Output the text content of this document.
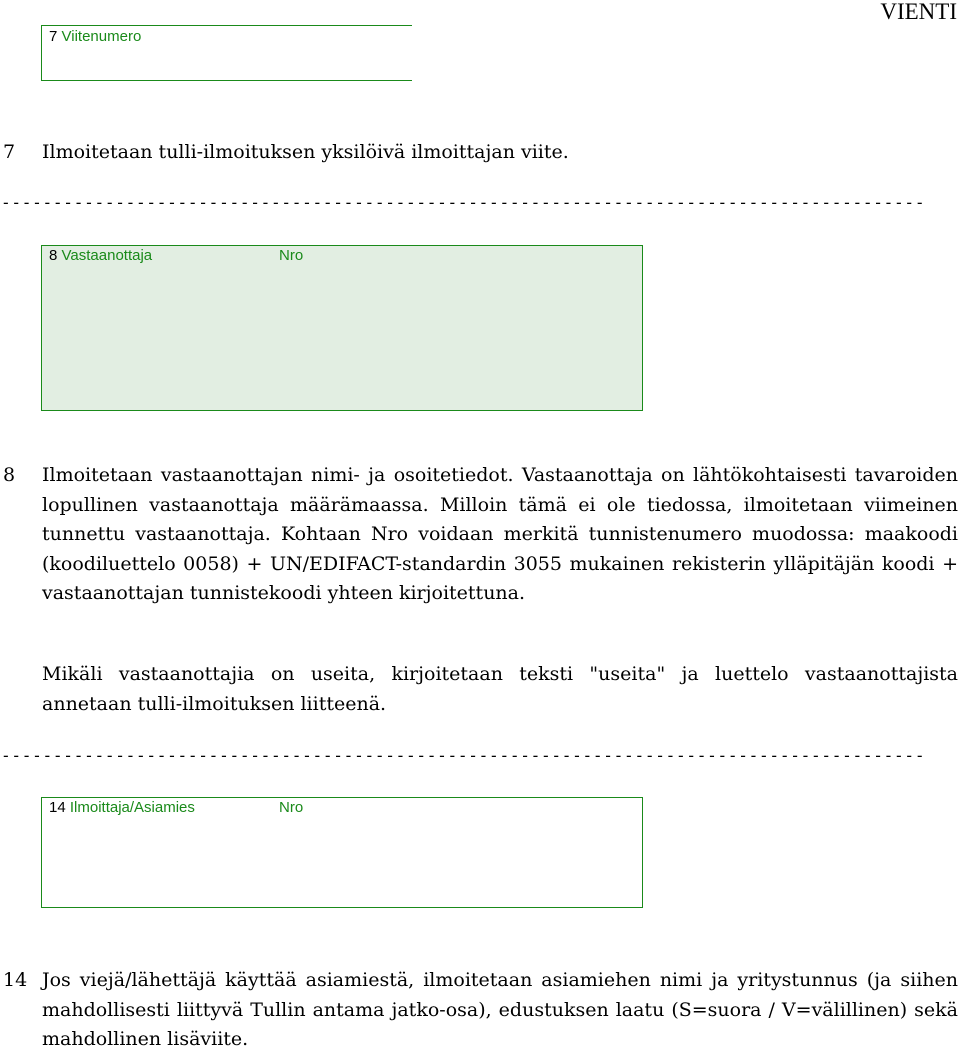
VIENTI
7 Viitenumero
7 Ilmoitetaan tulli-ilmoituksen yksilöivä ilmoittajan viite.
- - - - - - - - - - - - - - - - - - - - - - - - - - - - - - - - - - - - - - - - - - - - - - - - - - - - - - - - - - - - - - - - - - - - - - - - - - - - - - - - - - - - - - - - -
8 Vastaanottaja	Nro
8 Ilmoitetaan vastaanottajan nimi- ja osoitetiedot. Vastaanottaja on lähtökohtaisesti tavaroiden lopullinen vastaanottaja määrämaassa. Milloin tämä ei ole tiedossa, ilmoitetaan viimeinen tunnettu vastaanottaja. Kohtaan Nro voidaan merkitä tunnistenumero muodossa: maakoodi (koodiluettelo 0058) + UN/EDIFACT-standardin 3055 mukainen rekisterin ylläpitäjän koodi + vastaanottajan tunnistekoodi yhteen kirjoitettuna.
Mikäli vastaanottajia on useita, kirjoitetaan teksti "useita" ja luettelo vastaanottajista annetaan tulli-ilmoituksen liitteenä.
- - - - - - - - - - - - - - - - - - - - - - - - - - - - - - - - - - - - - - - - - - - - - - - - - - - - - - - - - - - - - - - - - - - - - - - - - - - - - - - - - - - - - - - - -
14 Ilmoittaja/Asiamies	Nro
14 Jos viejä/lähettäjä käyttää asiamiestä, ilmoitetaan asiamiehen nimi ja yritystunnus (ja siihen mahdollisesti liittyvä Tullin antama jatko-osa), edustuksen laatu (S=suora / V=välillinen) sekä mahdollinen lisäviite.
